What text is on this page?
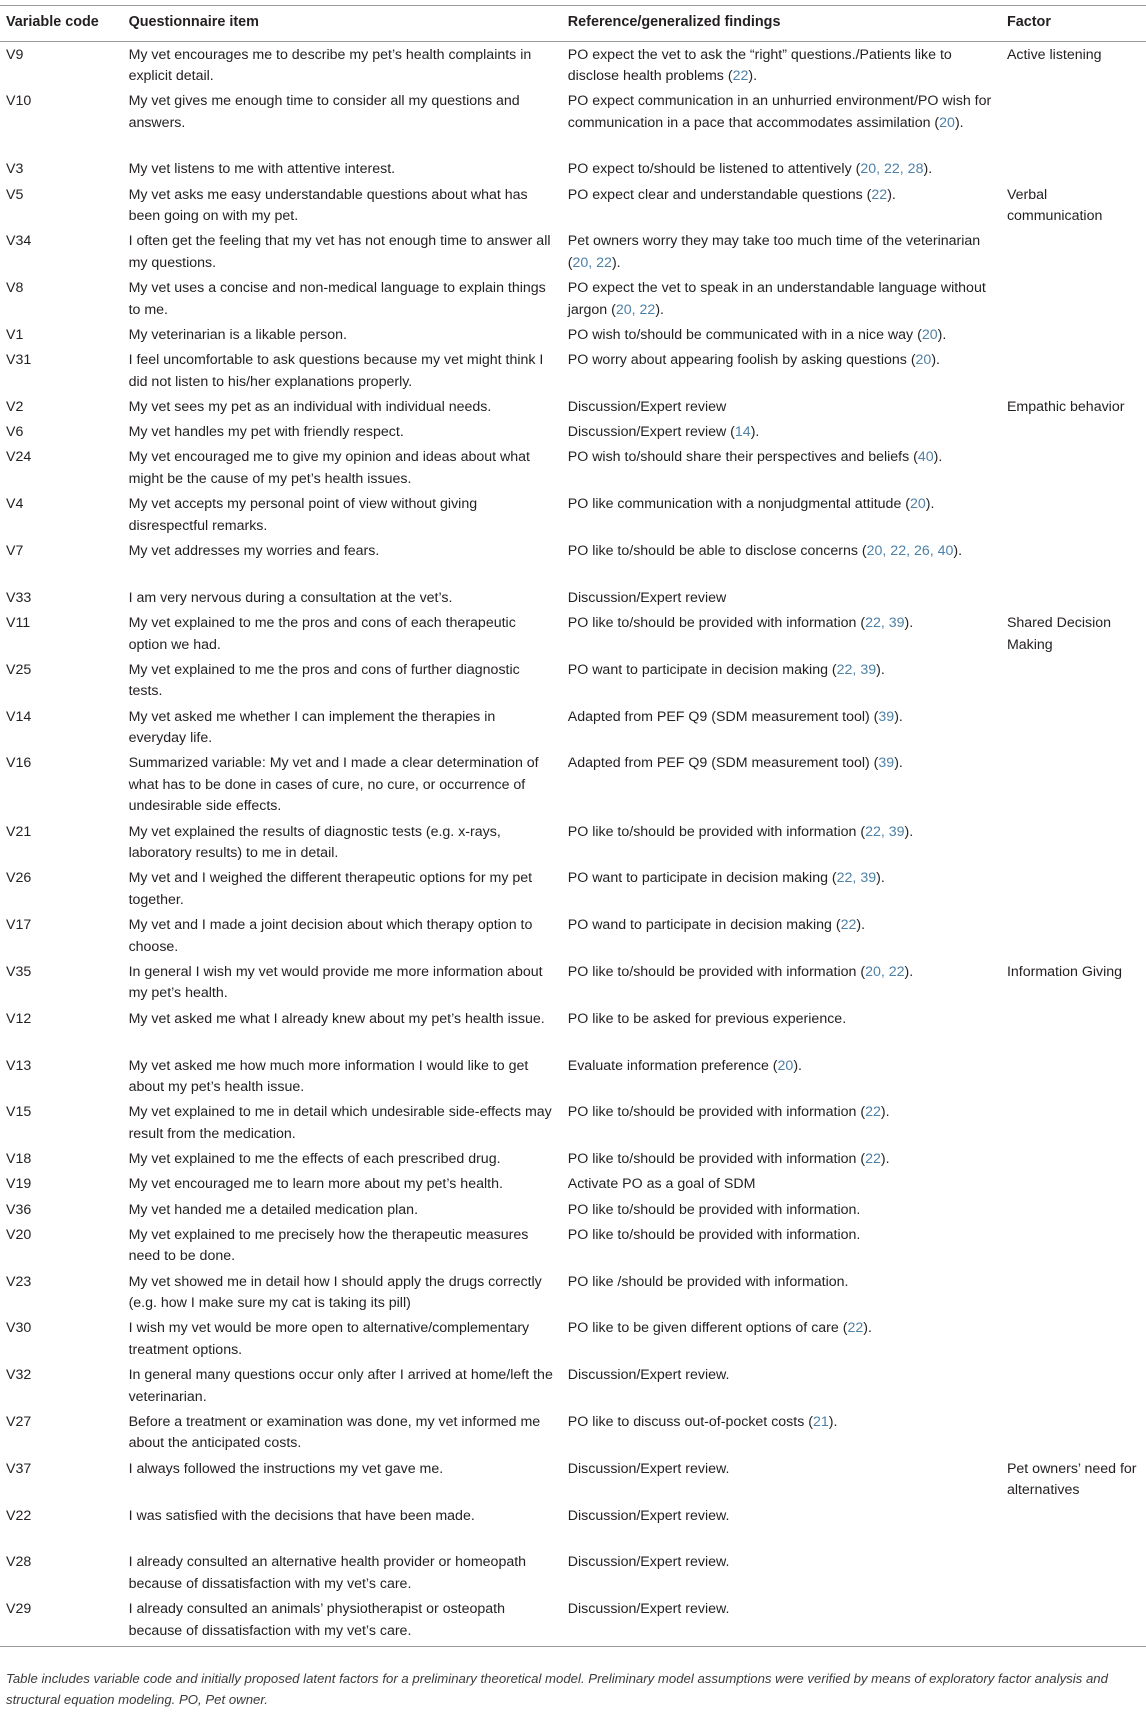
Variable code	Questionnaire item	Reference/generalized findings	Factor
V9	My vet encourages me to describe my pet’s health complaints in explicit detail.	PO expect the vet to ask the “right” questions./Patients like to disclose health problems (22).	Active listening
V10	My vet gives me enough time to consider all my questions and answers.	PO expect communication in an unhurried environment/PO wish for communication in a pace that accommodates assimilation (20).	
V3	My vet listens to me with attentive interest.	PO expect to/should be listened to attentively (20, 22, 28).	
V5	My vet asks me easy understandable questions about what has been going on with my pet.	PO expect clear and understandable questions (22).	Verbal communication
V34	I often get the feeling that my vet has not enough time to answer all my questions.	Pet owners worry they may take too much time of the veterinarian (20, 22).	
V8	My vet uses a concise and non-medical language to explain things to me.	PO expect the vet to speak in an understandable language without jargon (20, 22).	
V1	My veterinarian is a likable person.	PO wish to/should be communicated with in a nice way (20).	
V31	I feel uncomfortable to ask questions because my vet might think I did not listen to his/her explanations properly.	PO worry about appearing foolish by asking questions (20).	
V2	My vet sees my pet as an individual with individual needs.	Discussion/Expert review	Empathic behavior
V6	My vet handles my pet with friendly respect.	Discussion/Expert review (14).	
V24	My vet encouraged me to give my opinion and ideas about what might be the cause of my pet’s health issues.	PO wish to/should share their perspectives and beliefs (40).	
V4	My vet accepts my personal point of view without giving disrespectful remarks.	PO like communication with a nonjudgmental attitude (20).	
V7	My vet addresses my worries and fears.	PO like to/should be able to disclose concerns (20, 22, 26, 40).	
V33	I am very nervous during a consultation at the vet’s.	Discussion/Expert review	
V11	My vet explained to me the pros and cons of each therapeutic option we had.	PO like to/should be provided with information (22, 39).	Shared Decision Making
V25	My vet explained to me the pros and cons of further diagnostic tests.	PO want to participate in decision making (22, 39).	
V14	My vet asked me whether I can implement the therapies in everyday life.	Adapted from PEF Q9 (SDM measurement tool) (39).	
V16	Summarized variable: My vet and I made a clear determination of what has to be done in cases of cure, no cure, or occurrence of undesirable side effects.	Adapted from PEF Q9 (SDM measurement tool) (39).	
V21	My vet explained the results of diagnostic tests (e.g. x-rays, laboratory results) to me in detail.	PO like to/should be provided with information (22, 39).	
V26	My vet and I weighed the different therapeutic options for my pet together.	PO want to participate in decision making (22, 39).	
V17	My vet and I made a joint decision about which therapy option to choose.	PO wand to participate in decision making (22).	
V35	In general I wish my vet would provide me more information about my pet’s health.	PO like to/should be provided with information (20, 22).	Information Giving
V12	My vet asked me what I already knew about my pet’s health issue.	PO like to be asked for previous experience.	
V13	My vet asked me how much more information I would like to get about my pet’s health issue.	Evaluate information preference (20).	
V15	My vet explained to me in detail which undesirable side-effects may result from the medication.	PO like to/should be provided with information (22).	
V18	My vet explained to me the effects of each prescribed drug.	PO like to/should be provided with information (22).	
V19	My vet encouraged me to learn more about my pet’s health.	Activate PO as a goal of SDM	
V36	My vet handed me a detailed medication plan.	PO like to/should be provided with information.	
V20	My vet explained to me precisely how the therapeutic measures need to be done.	PO like to/should be provided with information.	
V23	My vet showed me in detail how I should apply the drugs correctly (e.g. how I make sure my cat is taking its pill)	PO like /should be provided with information.	
V30	I wish my vet would be more open to alternative/complementary treatment options.	PO like to be given different options of care (22).	
V32	In general many questions occur only after I arrived at home/left the veterinarian.	Discussion/Expert review.	
V27	Before a treatment or examination was done, my vet informed me about the anticipated costs.	PO like to discuss out-of-pocket costs (21).	
V37	I always followed the instructions my vet gave me.	Discussion/Expert review.	Pet owners’ need for alternatives
V22	I was satisfied with the decisions that have been made.	Discussion/Expert review.	
V28	I already consulted an alternative health provider or homeopath because of dissatisfaction with my vet’s care.	Discussion/Expert review.	
V29	I already consulted an animals’ physiotherapist or osteopath because of dissatisfaction with my vet’s care.	Discussion/Expert review.	
Table includes variable code and initially proposed latent factors for a preliminary theoretical model. Preliminary model assumptions were verified by means of exploratory factor analysis and structural equation modeling. PO, Pet owner.
